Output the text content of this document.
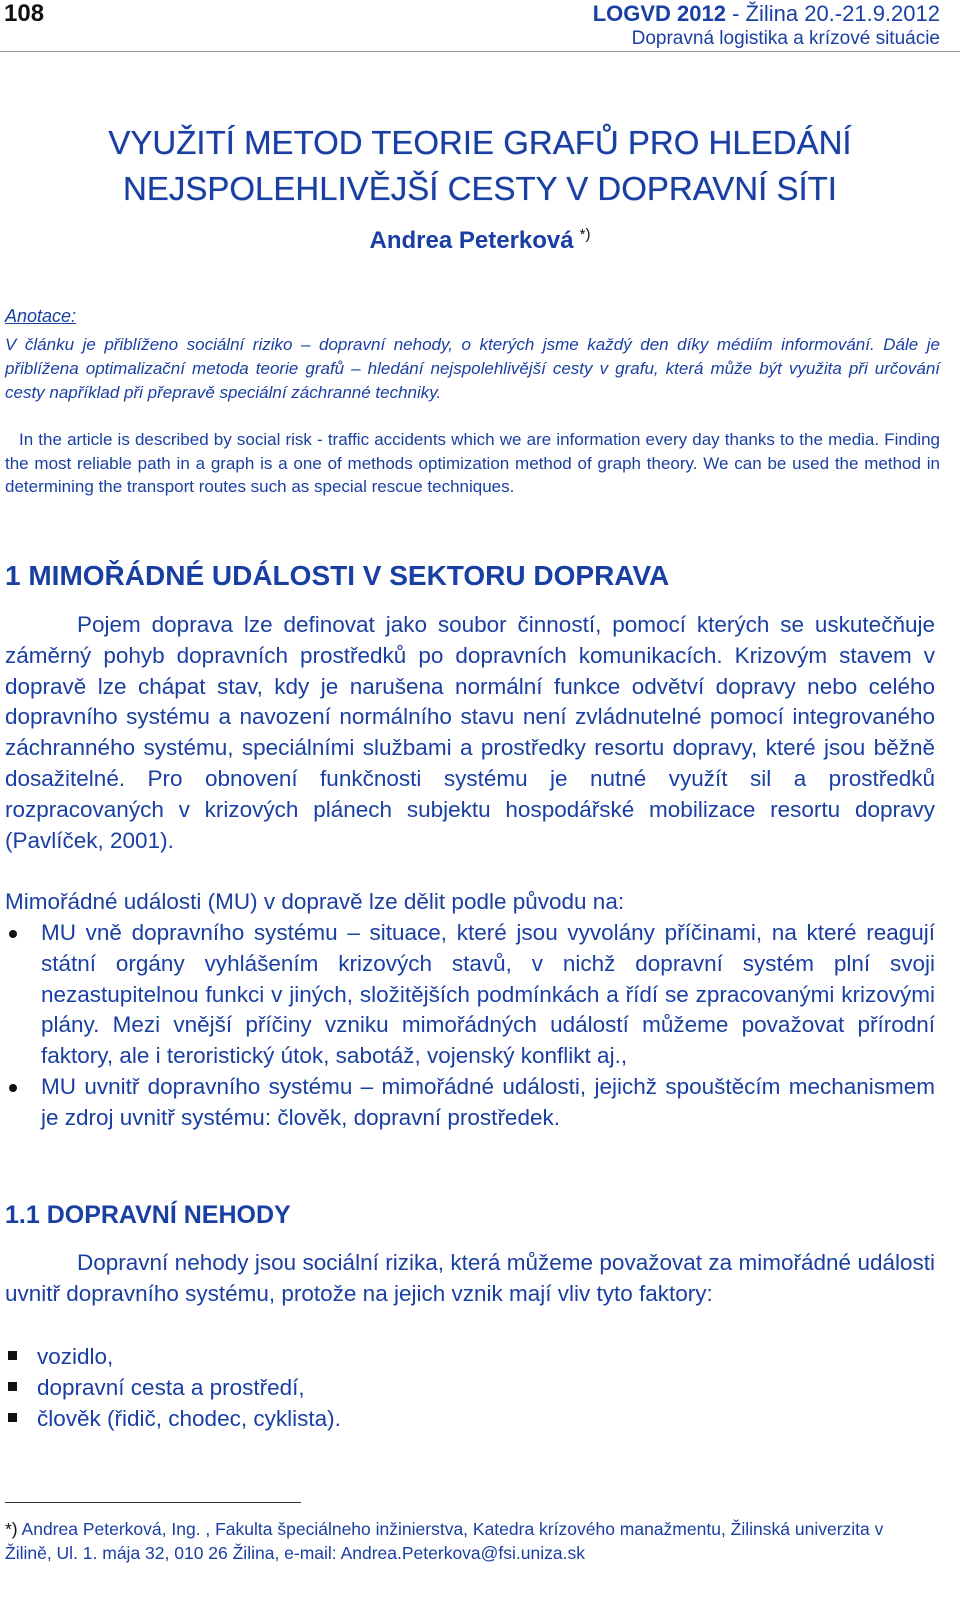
108	LOGVD 2012 - Žilina 20.-21.9.2012
Dopravná logistika a krízové situácie
VYUŽITÍ METOD TEORIE GRAFŮ PRO HLEDÁNÍ
NEJSPOLEHLIVĚJŠÍ CESTY V DOPRAVNÍ SÍTI
Andrea Peterková *)
Anotace:
V článku je přiblíženo sociální riziko – dopravní nehody, o kterých jsme každý den díky médiím informování. Dále je přiblížena optimalizační metoda teorie grafů – hledání nejspolehlivější cesty v grafu, která může být využita při určování cesty například při přepravě speciální záchranné techniky.
In the article is described by social risk - traffic accidents which we are information every day thanks to the media. Finding the most reliable path in a graph is a one of methods optimization method of graph theory. We can be used the method in determining the transport routes such as special rescue techniques.
1 MIMOŘÁDNÉ UDÁLOSTI V SEKTORU DOPRAVA
Pojem doprava lze definovat jako soubor činností, pomocí kterých se uskutečňuje záměrný pohyb dopravních prostředků po dopravních komunikacích. Krizovým stavem v dopravě lze chápat stav, kdy je narušena normální funkce odvětví dopravy nebo celého dopravního systému a navození normálního stavu není zvládnutelné pomocí integrovaného záchranného systému, speciálními službami a prostředky resortu dopravy, které jsou běžně dosažitelné. Pro obnovení funkčnosti systému je nutné využít sil a prostředků rozpracovaných v krizových plánech subjektu hospodářské mobilizace resortu dopravy (Pavlíček, 2001).
Mimořádné události (MU) v dopravě lze dělit podle původu na:
MU vně dopravního systému – situace, které jsou vyvolány příčinami, na které reagují státní orgány vyhlášením krizových stavů, v nichž dopravní systém plní svoji nezastupitelnou funkci v jiných, složitějších podmínkách a řídí se zpracovanými krizovými plány. Mezi vnější příčiny vzniku mimořádných událostí můžeme považovat přírodní faktory, ale i teroristický útok, sabotáž, vojenský konflikt aj.,
MU uvnitř dopravního systému – mimořádné události, jejichž spouštěcím mechanismem je zdroj uvnitř systému: člověk, dopravní prostředek.
1.1 DOPRAVNÍ NEHODY
Dopravní nehody jsou sociální rizika, která můžeme považovat za mimořádné události uvnitř dopravního systému, protože na jejich vznik mají vliv tyto faktory:
vozidlo,
dopravní cesta a prostředí,
člověk (řidič, chodec, cyklista).
*) Andrea Peterková, Ing. , Fakulta špeciálneho inžinierstva, Katedra krízového manažmentu, Žilinská univerzita v Žilině, Ul. 1. mája 32, 010 26 Žilina, e-mail: Andrea.Peterkova@fsi.uniza.sk
